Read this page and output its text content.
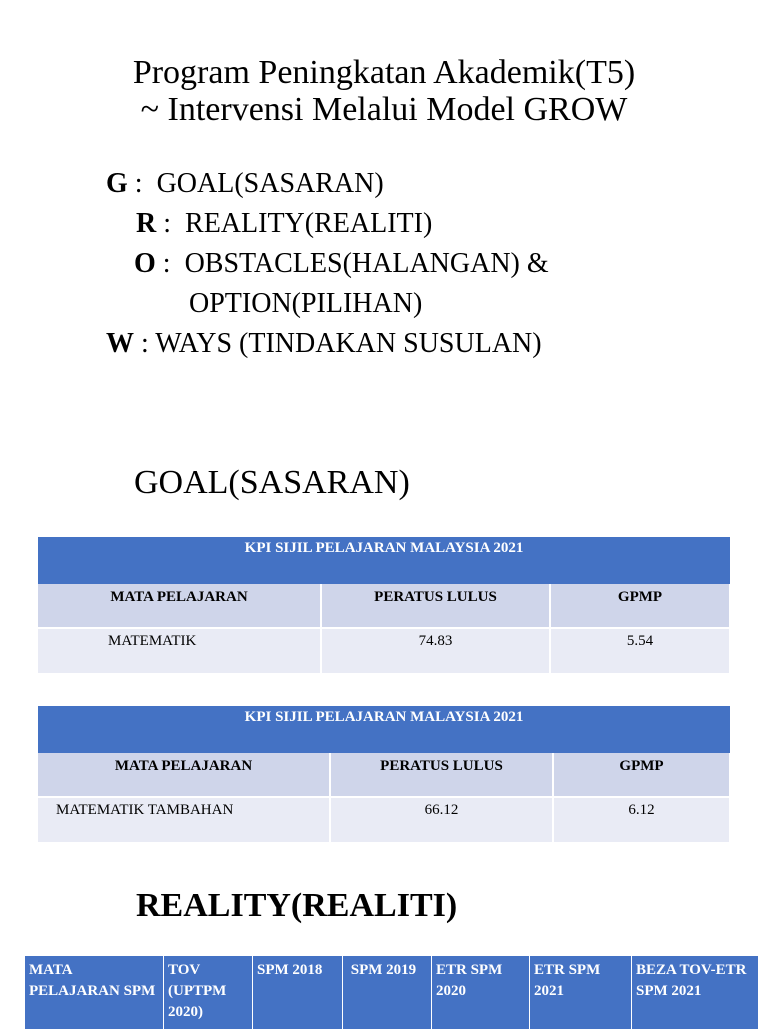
Program Peningkatan Akademik(T5)
~ Intervensi Melalui Model GROW
G :  GOAL(SASARAN)
R :  REALITY(REALITI)
O :  OBSTACLES(HALANGAN) &
OPTION(PILIHAN)
W : WAYS (TINDAKAN SUSULAN)
GOAL(SASARAN)
KPI SIJIL PELAJARAN MALAYSIA 2021		
MATA PELAJARAN	PERATUS LULUS	GPMP
MATEMATIK	74.83	5.54
KPI SIJIL PELAJARAN MALAYSIA 2021		
MATA PELAJARAN	PERATUS LULUS	GPMP
MATEMATIK TAMBAHAN	66.12	6.12
REALITY(REALITI)
MATA PELAJARAN SPM	TOV (UPTPM 2020)	SPM 2018	SPM 2019	ETR SPM 2020	ETR SPM 2021	BEZA TOV-ETR SPM 2021
